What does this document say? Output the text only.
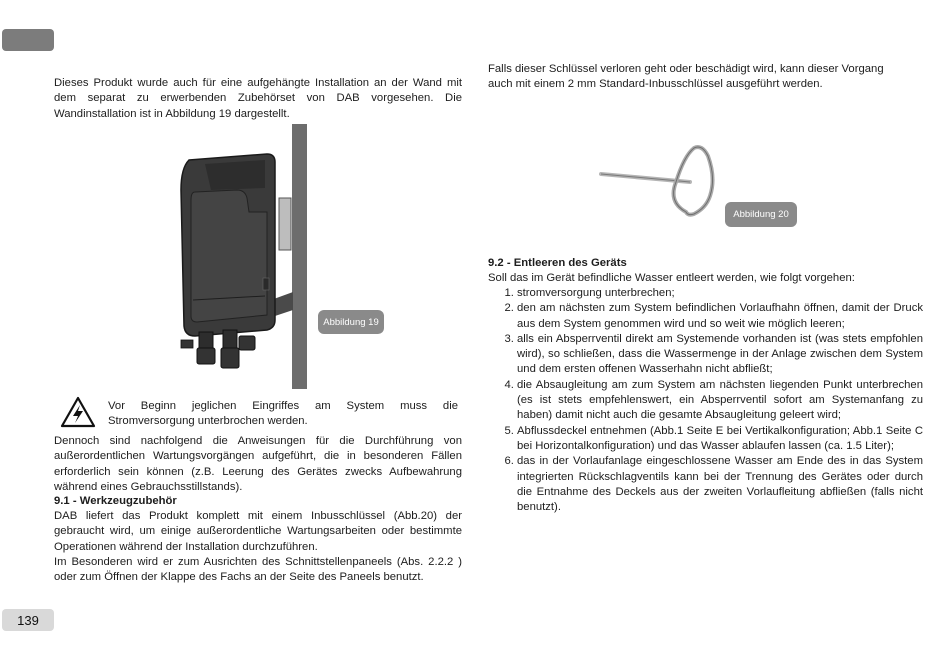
Dieses Produkt wurde auch für eine aufgehängte Installation an der Wand mit dem separat zu erwerbenden Zubehörset von DAB vorgesehen. Die Wandinstallation ist in Abbildung 19 dargestellt.

Abbildung 19

Vor Beginn jeglichen Eingriffes am System muss die Stromversorgung unterbrochen werden.

Dennoch sind nachfolgend die Anweisungen für die Durchführung von außerordentlichen Wartungsvorgängen aufgeführt, die in besonderen Fällen erforderlich sein können (z.B. Leerung des Gerätes zwecks Aufbewahrung während eines Gebrauchsstillstands).

9.1 - Werkzeugzubehör

DAB liefert das Produkt komplett mit einem Inbusschlüssel (Abb.20) der gebraucht wird, um einige außerordentliche Wartungsarbeiten oder bestimmte Operationen während der Installation durchzuführen.

Im Besonderen wird er zum Ausrichten des Schnittstellenpaneels (Abs. 2.2.2 ) oder zum Öffnen der Klappe des Fachs an der Seite des Paneels benutzt.

139

Falls dieser Schlüssel verloren geht oder beschädigt wird, kann dieser Vorgang auch mit einem 2 mm Standard-Inbusschlüssel ausgeführt werden.

Abbildung 20
9.2 - Entleeren des Geräts

Soll das im Gerät befindliche Wasser entleert werden, wie folgt vorgehen:

1. stromversorgung unterbrechen;
2. den am nächsten zum System befindlichen Vorlaufhahn öffnen, damit der Druck aus dem System genommen wird und so weit wie möglich leeren;
3. alls ein Absperrventil direkt am Systemende vorhanden ist (was stets empfohlen wird), so schließen, dass die Wassermenge in der Anlage zwischen dem System und dem ersten offenen Wasserhahn nicht abfließt;
4. die Absaugleitung am zum System am nächsten liegenden Punkt unterbrechen (es ist stets empfehlenswert, ein Absperrventil sofort am Systemanfang zu haben) damit nicht auch die gesamte Absaugleitung geleert wird;
5. Abflussdeckel entnehmen (Abb.1 Seite E bei Vertikalkonfiguration; Abb.1 Seite C bei Horizontalkonfiguration) und das Wasser ablaufen lassen (ca. 1.5 Liter);
6. das in der Vorlaufanlage eingeschlossene Wasser am Ende des in das System integrierten Rückschlagventils kann bei der Trennung des Gerätes oder durch die Entnahme des Deckels aus der zweiten Vorlaufleitung abfließen (falls nicht benutzt).
